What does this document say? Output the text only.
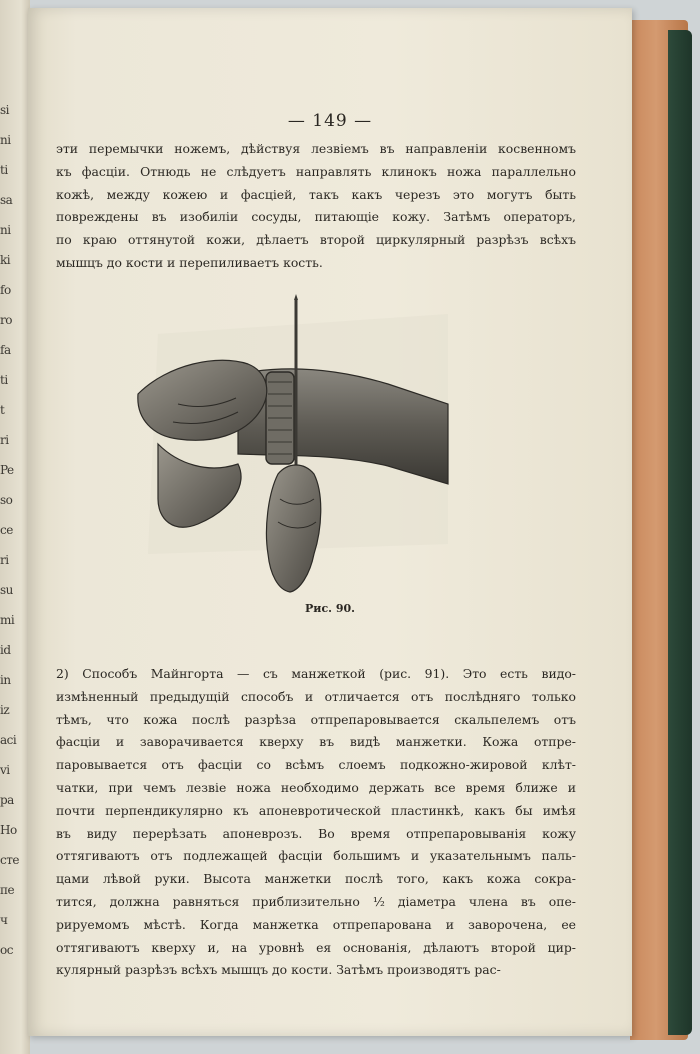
si
ni
ti
sa
ni
ki
fo
ro
fa
ti
t
ri
Pe
so
ce
ri
su
mi
id
in
iz
aci
vi
pa
Ho
сте
пе
ч
ос
— 149 —
эти перемычки ножемъ, дѣйствуя лезвіемъ въ направленіи косвенномъ
къ фасціи. Отнюдь не слѣдуетъ направлять клинокъ ножа параллельно
кожѣ, между кожею и фасціей, такъ какъ черезъ это могутъ быть
повреждены въ изобиліи сосуды, питающіе кожу. Затѣмъ операторъ,
по краю оттянутой кожи, дѣлаетъ второй циркулярный разрѣзъ всѣхъ
мышцъ до кости и перепиливаетъ кость.
Рис. 90.
2) Способъ Майнгорта — съ манжеткой (рис. 91). Это есть видо-
измѣненный предыдущій способъ и отличается отъ послѣдняго только
тѣмъ, что кожа послѣ разрѣза отпрепаровывается скальпелемъ отъ
фасціи и заворачивается кверху въ видѣ манжетки. Кожа отпре-
паровывается отъ фасціи со всѣмъ слоемъ подкожно-жировой клѣт-
чатки, при чемъ лезвіе ножа необходимо держать все время ближе и
почти перпендикулярно къ апоневротической пластинкѣ, какъ бы имѣя
въ виду перерѣзать апоневрозъ. Во время отпрепаровыванія кожу
оттягиваютъ отъ подлежащей фасціи большимъ и указательнымъ паль-
цами лѣвой руки. Высота манжетки послѣ того, какъ кожа сокра-
тится, должна равняться приблизительно ½ діаметра члена въ опе-
рируемомъ мѣстѣ. Когда манжетка отпрепарована и заворочена, ее
оттягиваютъ кверху и, на уровнѣ ея основанія, дѣлаютъ второй цир-
кулярный разрѣзъ всѣхъ мышцъ до кости. Затѣмъ производятъ рас-
